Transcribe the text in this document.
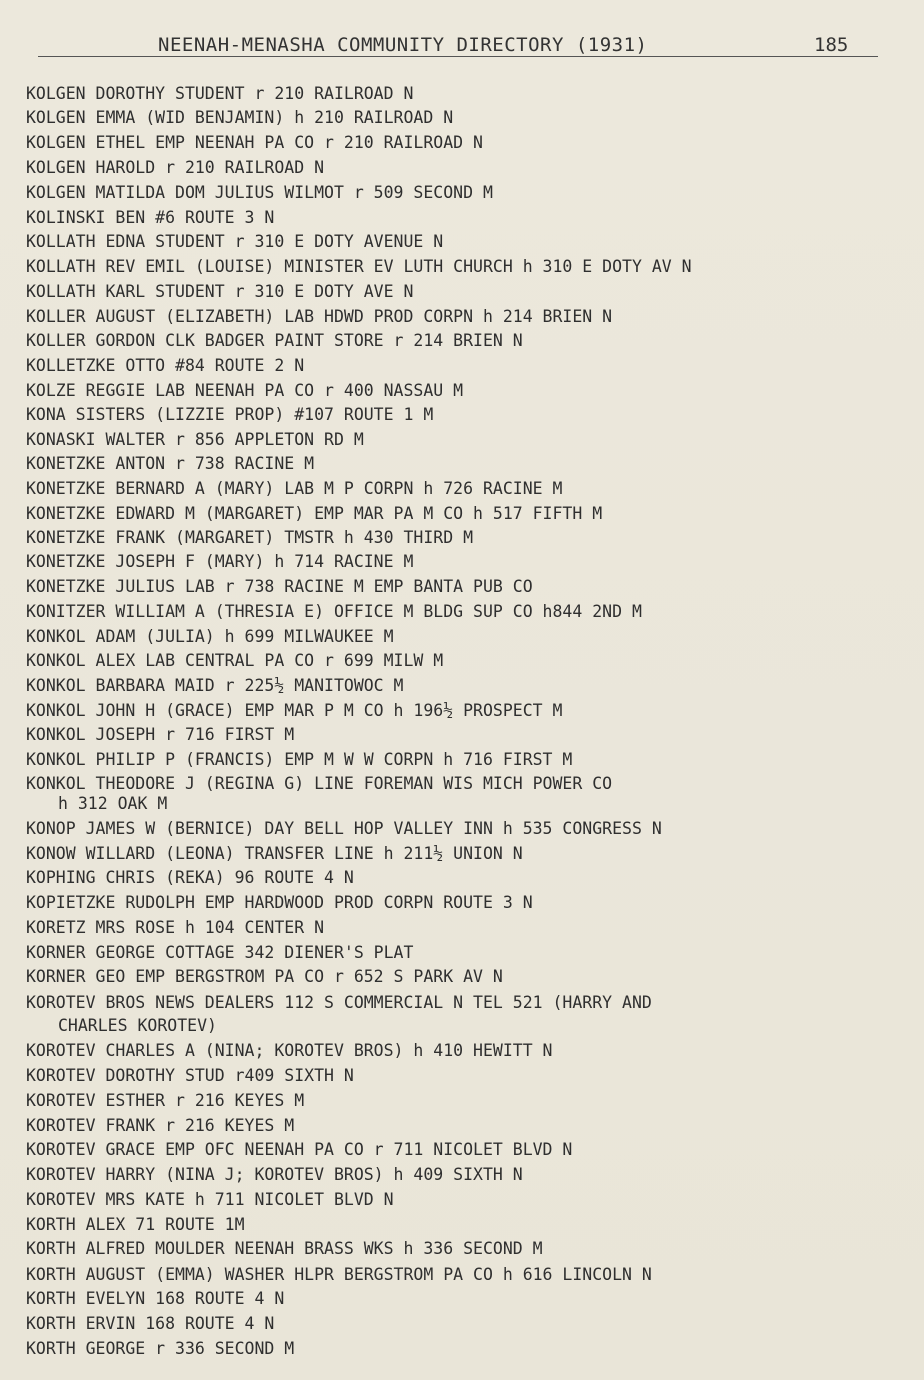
NEENAH-MENASHA COMMUNITY DIRECTORY (1931)	185
KOLGEN DOROTHY STUDENT r 210 RAILROAD N
KOLGEN EMMA (WID BENJAMIN) h 210 RAILROAD N
KOLGEN ETHEL EMP NEENAH PA CO r 210 RAILROAD N
KOLGEN HAROLD r 210 RAILROAD N
KOLGEN MATILDA DOM JULIUS WILMOT r 509 SECOND M
KOLINSKI BEN #6 ROUTE 3 N
KOLLATH EDNA STUDENT r 310 E DOTY AVENUE N
KOLLATH REV EMIL (LOUISE) MINISTER EV LUTH CHURCH h 310 E DOTY AV N
KOLLATH KARL STUDENT r 310 E DOTY AVE N
KOLLER AUGUST (ELIZABETH) LAB HDWD PROD CORPN h 214 BRIEN N
KOLLER GORDON CLK BADGER PAINT STORE r 214 BRIEN N
KOLLETZKE OTTO #84 ROUTE 2 N
KOLZE REGGIE LAB NEENAH PA CO r 400 NASSAU M
KONA SISTERS (LIZZIE PROP) #107 ROUTE 1 M
KONASKI WALTER r 856 APPLETON RD M
KONETZKE ANTON r 738 RACINE M
KONETZKE BERNARD A (MARY) LAB M P CORPN h 726 RACINE M
KONETZKE EDWARD M (MARGARET) EMP MAR PA M CO h 517 FIFTH M
KONETZKE FRANK (MARGARET) TMSTR h 430 THIRD M
KONETZKE JOSEPH F (MARY) h 714 RACINE M
KONETZKE JULIUS LAB r 738 RACINE M EMP BANTA PUB CO
KONITZER WILLIAM A (THRESIA E) OFFICE M BLDG SUP CO h844 2ND M
KONKOL ADAM (JULIA) h 699 MILWAUKEE M
KONKOL ALEX LAB CENTRAL PA CO r 699 MILW M
KONKOL BARBARA MAID r 225½ MANITOWOC M
KONKOL JOHN H (GRACE) EMP MAR P M CO h 196½ PROSPECT M
KONKOL JOSEPH r 716 FIRST M
KONKOL PHILIP P (FRANCIS) EMP M W W CORPN h 716 FIRST M
KONKOL THEODORE J (REGINA G) LINE FOREMAN WIS MICH POWER CO
h 312 OAK M
KONOP JAMES W (BERNICE) DAY BELL HOP VALLEY INN h 535 CONGRESS N
KONOW WILLARD (LEONA) TRANSFER LINE h 211½ UNION N
KOPHING CHRIS (REKA) 96 ROUTE 4 N
KOPIETZKE RUDOLPH EMP HARDWOOD PROD CORPN ROUTE 3 N
KORETZ MRS ROSE h 104 CENTER N
KORNER GEORGE COTTAGE 342 DIENER'S PLAT
KORNER GEO EMP BERGSTROM PA CO r 652 S PARK AV N
KOROTEV BROS NEWS DEALERS 112 S COMMERCIAL N TEL 521 (HARRY AND
CHARLES KOROTEV)
KOROTEV CHARLES A (NINA; KOROTEV BROS) h 410 HEWITT N
KOROTEV DOROTHY STUD r409 SIXTH N
KOROTEV ESTHER r 216 KEYES M
KOROTEV FRANK r 216 KEYES M
KOROTEV GRACE EMP OFC NEENAH PA CO r 711 NICOLET BLVD N
KOROTEV HARRY (NINA J; KOROTEV BROS) h 409 SIXTH N
KOROTEV MRS KATE h 711 NICOLET BLVD N
KORTH ALEX 71 ROUTE 1M
KORTH ALFRED MOULDER NEENAH BRASS WKS h 336 SECOND M
KORTH AUGUST (EMMA) WASHER HLPR BERGSTROM PA CO h 616 LINCOLN N
KORTH EVELYN 168 ROUTE 4 N
KORTH ERVIN 168 ROUTE 4 N
KORTH GEORGE r 336 SECOND M
